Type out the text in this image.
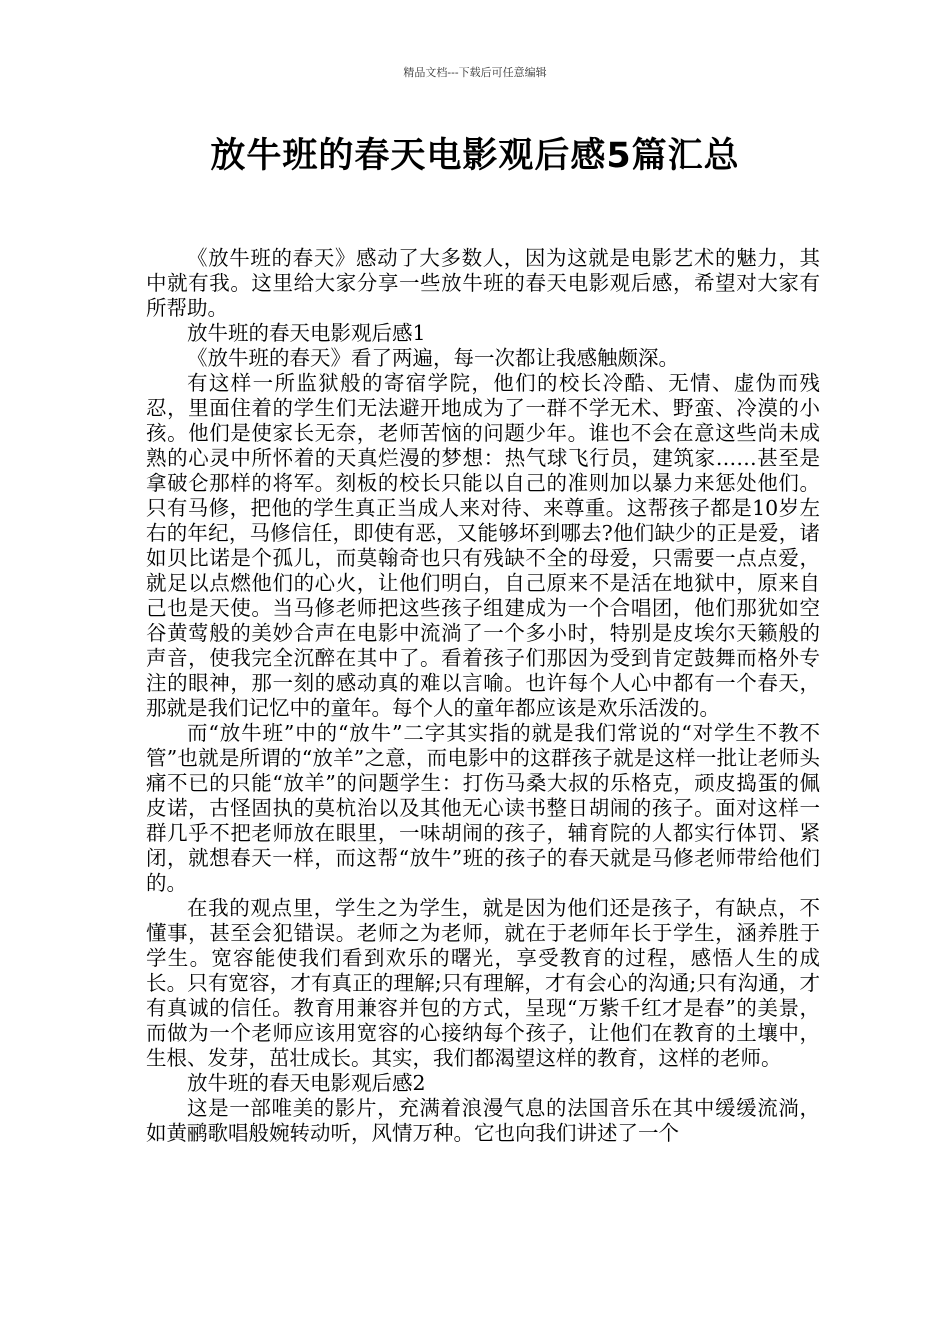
精品文档---下载后可任意编辑
放牛班的春天电影观后感5篇汇总

《放牛班的春天》感动了大多数人，因为这就是电影艺术的魅力，其中就有我。这里给大家分享一些放牛班的春天电影观后感，希望对大家有所帮助。

放牛班的春天电影观后感1

《放牛班的春天》看了两遍，每一次都让我感触颇深。

有这样一所监狱般的寄宿学院，他们的校长冷酷、无情、虚伪而残忍，里面住着的学生们无法避开地成为了一群不学无术、野蛮、冷漠的小孩。他们是使家长无奈，老师苦恼的问题少年。谁也不会在意这些尚未成熟的心灵中所怀着的天真烂漫的梦想：热气球飞行员，建筑家……甚至是拿破仑那样的将军。刻板的校长只能以自己的准则加以暴力来惩处他们。只有马修，把他的学生真正当成人来对待、来尊重。这帮孩子都是10岁左右的年纪，马修信任，即使有恶，又能够坏到哪去?他们缺少的正是爱，诸如贝比诺是个孤儿，而莫翰奇也只有残缺不全的母爱，只需要一点点爱，就足以点燃他们的心火，让他们明白，自己原来不是活在地狱中，原来自己也是天使。当马修老师把这些孩子组建成为一个合唱团，他们那犹如空谷黄莺般的美妙合声在电影中流淌了一个多小时，特别是皮埃尔天籁般的声音，使我完全沉醉在其中了。看着孩子们那因为受到肯定鼓舞而格外专注的眼神，那一刻的感动真的难以言喻。也许每个人心中都有一个春天，那就是我们记忆中的童年。每个人的童年都应该是欢乐活泼的。

而“放牛班”中的“放牛”二字其实指的就是我们常说的“对学生不教不管”也就是所谓的“放羊”之意，而电影中的这群孩子就是这样一批让老师头痛不已的只能“放羊”的问题学生：打伤马桑大叔的乐格克，顽皮捣蛋的佩皮诺，古怪固执的莫杭治以及其他无心读书整日胡闹的孩子。面对这样一群几乎不把老师放在眼里，一味胡闹的孩子，辅育院的人都实行体罚、紧闭，就想春天一样，而这帮“放牛”班的孩子的春天就是马修老师带给他们的。

在我的观点里，学生之为学生，就是因为他们还是孩子，有缺点，不懂事，甚至会犯错误。老师之为老师，就在于老师年长于学生，涵养胜于学生。宽容能使我们看到欢乐的曙光，享受教育的过程，感悟人生的成长。只有宽容，才有真正的理解;只有理解，才有会心的沟通;只有沟通，才有真诚的信任。教育用兼容并包的方式，呈现“万紫千红才是春”的美景，而做为一个老师应该用宽容的心接纳每个孩子，让他们在教育的土壤中，生根、发芽，茁壮成长。其实，我们都渴望这样的教育，这样的老师。

放牛班的春天电影观后感2

这是一部唯美的影片，充满着浪漫气息的法国音乐在其中缓缓流淌，如黄鹂歌唱般婉转动听，风情万种。它也向我们讲述了一个
